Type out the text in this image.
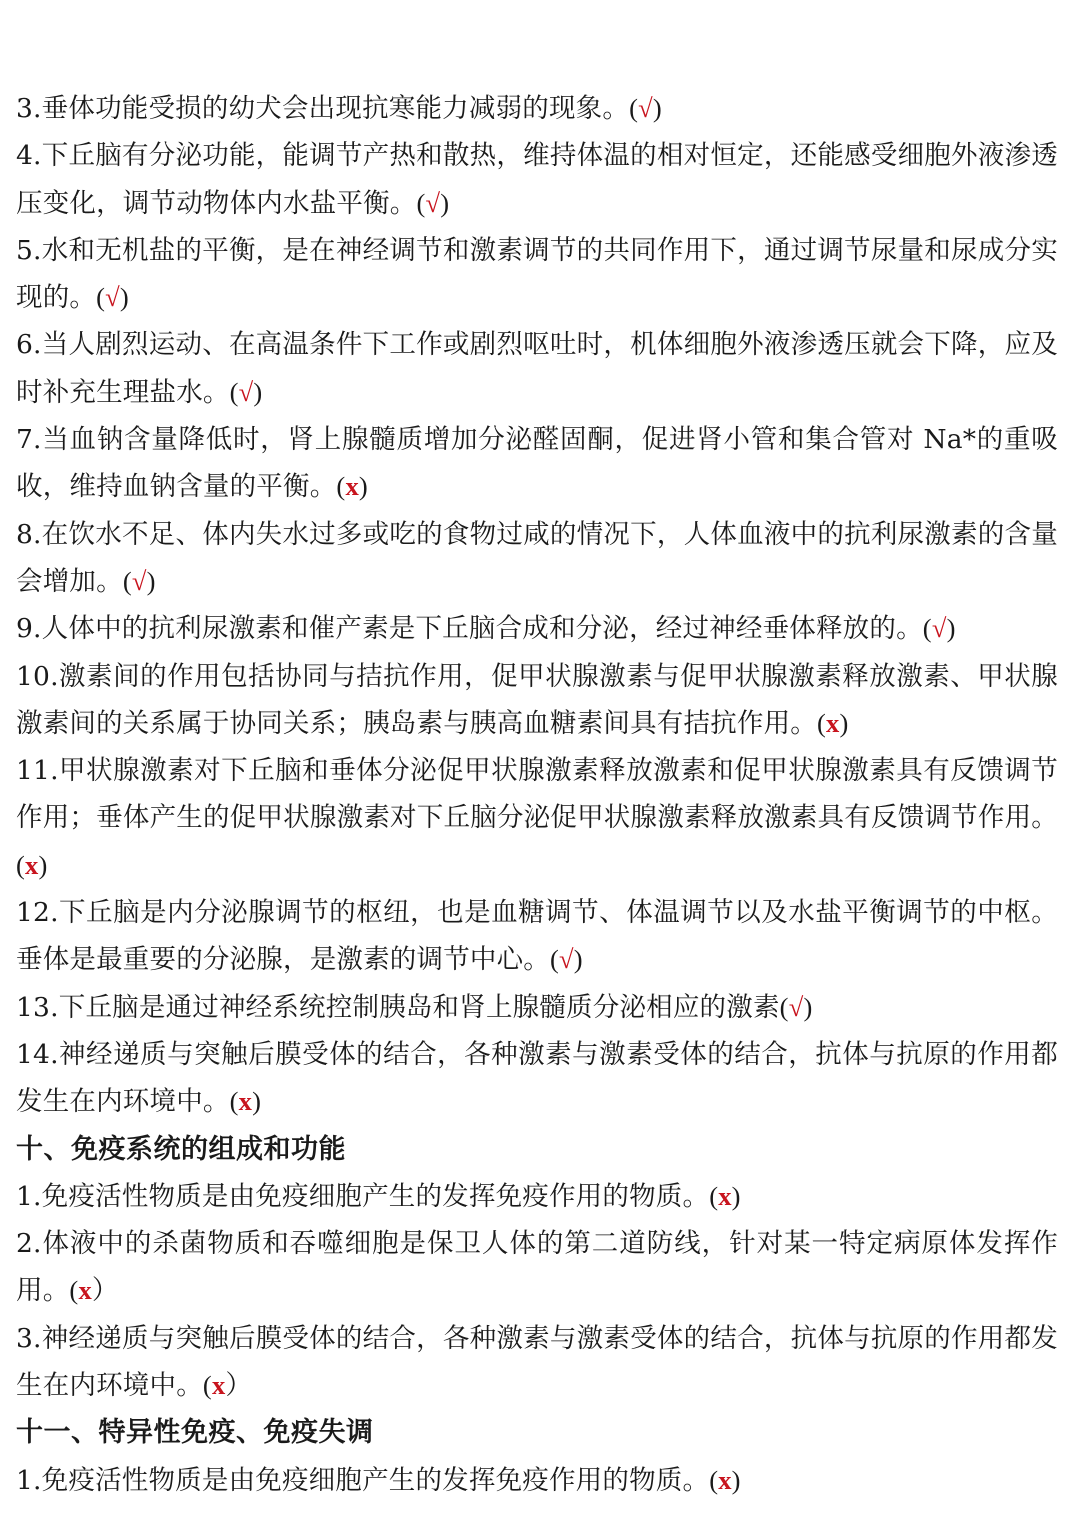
3.垂体功能受损的幼犬会出现抗寒能力减弱的现象。(√)

4.下丘脑有分泌功能，能调节产热和散热，维持体温的相对恒定，还能感受细胞外液渗透压变化，调节动物体内水盐平衡。(√)

5.水和无机盐的平衡，是在神经调节和激素调节的共同作用下，通过调节尿量和尿成分实现的。(√)

6.当人剧烈运动、在高温条件下工作或剧烈呕吐时，机体细胞外液渗透压就会下降，应及时补充生理盐水。(√)

7.当血钠含量降低时，肾上腺髓质增加分泌醛固酮，促进肾小管和集合管对 Na*的重吸收，维持血钠含量的平衡。(x)

8.在饮水不足、体内失水过多或吃的食物过咸的情况下，人体血液中的抗利尿激素的含量会增加。(√)

9.人体中的抗利尿激素和催产素是下丘脑合成和分泌，经过神经垂体释放的。(√)

10.激素间的作用包括协同与拮抗作用，促甲状腺激素与促甲状腺激素释放激素、甲状腺激素间的关系属于协同关系；胰岛素与胰高血糖素间具有拮抗作用。(x)

11.甲状腺激素对下丘脑和垂体分泌促甲状腺激素释放激素和促甲状腺激素具有反馈调节作用；垂体产生的促甲状腺激素对下丘脑分泌促甲状腺激素释放激素具有反馈调节作用。(x)

12.下丘脑是内分泌腺调节的枢纽，也是血糖调节、体温调节以及水盐平衡调节的中枢。垂体是最重要的分泌腺，是激素的调节中心。(√)

13.下丘脑是通过神经系统控制胰岛和肾上腺髓质分泌相应的激素(√)

14.神经递质与突触后膜受体的结合，各种激素与激素受体的结合，抗体与抗原的作用都发生在内环境中。(x)

十、免疫系统的组成和功能

1.免疫活性物质是由免疫细胞产生的发挥免疫作用的物质。(x)

2.体液中的杀菌物质和吞噬细胞是保卫人体的第二道防线，针对某一特定病原体发挥作用。(x）

3.神经递质与突触后膜受体的结合，各种激素与激素受体的结合，抗体与抗原的作用都发生在内环境中。(x）

十一、特异性免疫、免疫失调

1.免疫活性物质是由免疫细胞产生的发挥免疫作用的物质。(x)
